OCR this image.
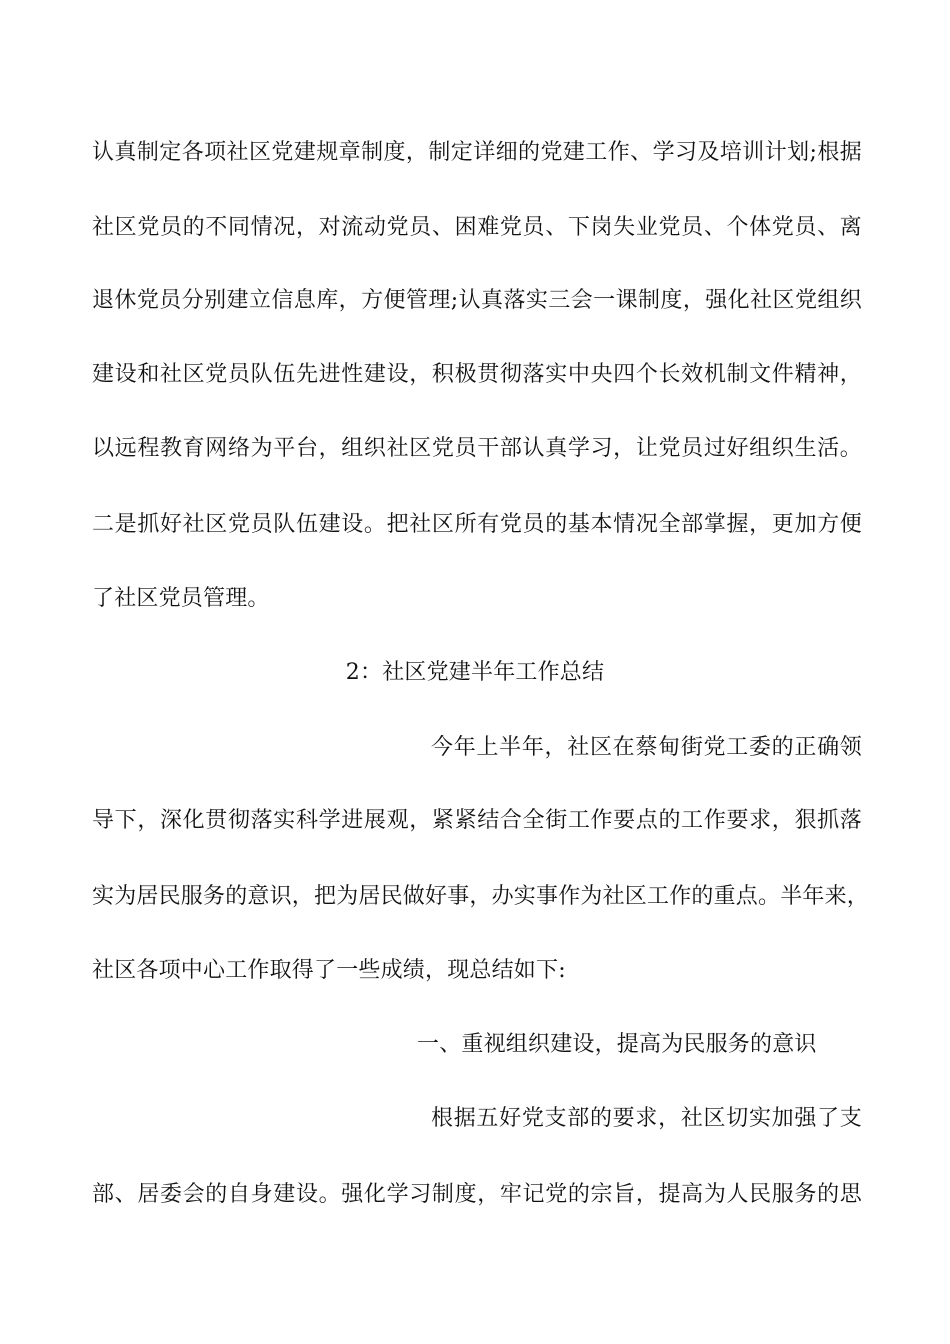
认真制定各项社区党建规章制度，制定详细的党建工作、学习及培训计划;根据
社区党员的不同情况，对流动党员、困难党员、下岗失业党员、个体党员、离
退休党员分别建立信息库，方便管理;认真落实三会一课制度，强化社区党组织
建设和社区党员队伍先进性建设，积极贯彻落实中央四个长效机制文件精神，
以远程教育网络为平台，组织社区党员干部认真学习，让党员过好组织生活。
二是抓好社区党员队伍建设。把社区所有党员的基本情况全部掌握，更加方便
了社区党员管理。
2：社区党建半年工作总结
今年上半年，社区在蔡甸街党工委的正确领
导下，深化贯彻落实科学进展观，紧紧结合全街工作要点的工作要求，狠抓落
实为居民服务的意识，把为居民做好事，办实事作为社区工作的重点。半年来，
社区各项中心工作取得了一些成绩，现总结如下:
一、重视组织建设，提高为民服务的意识
根据五好党支部的要求，社区切实加强了支
部、居委会的自身建设。强化学习制度，牢记党的宗旨，提高为人民服务的思
